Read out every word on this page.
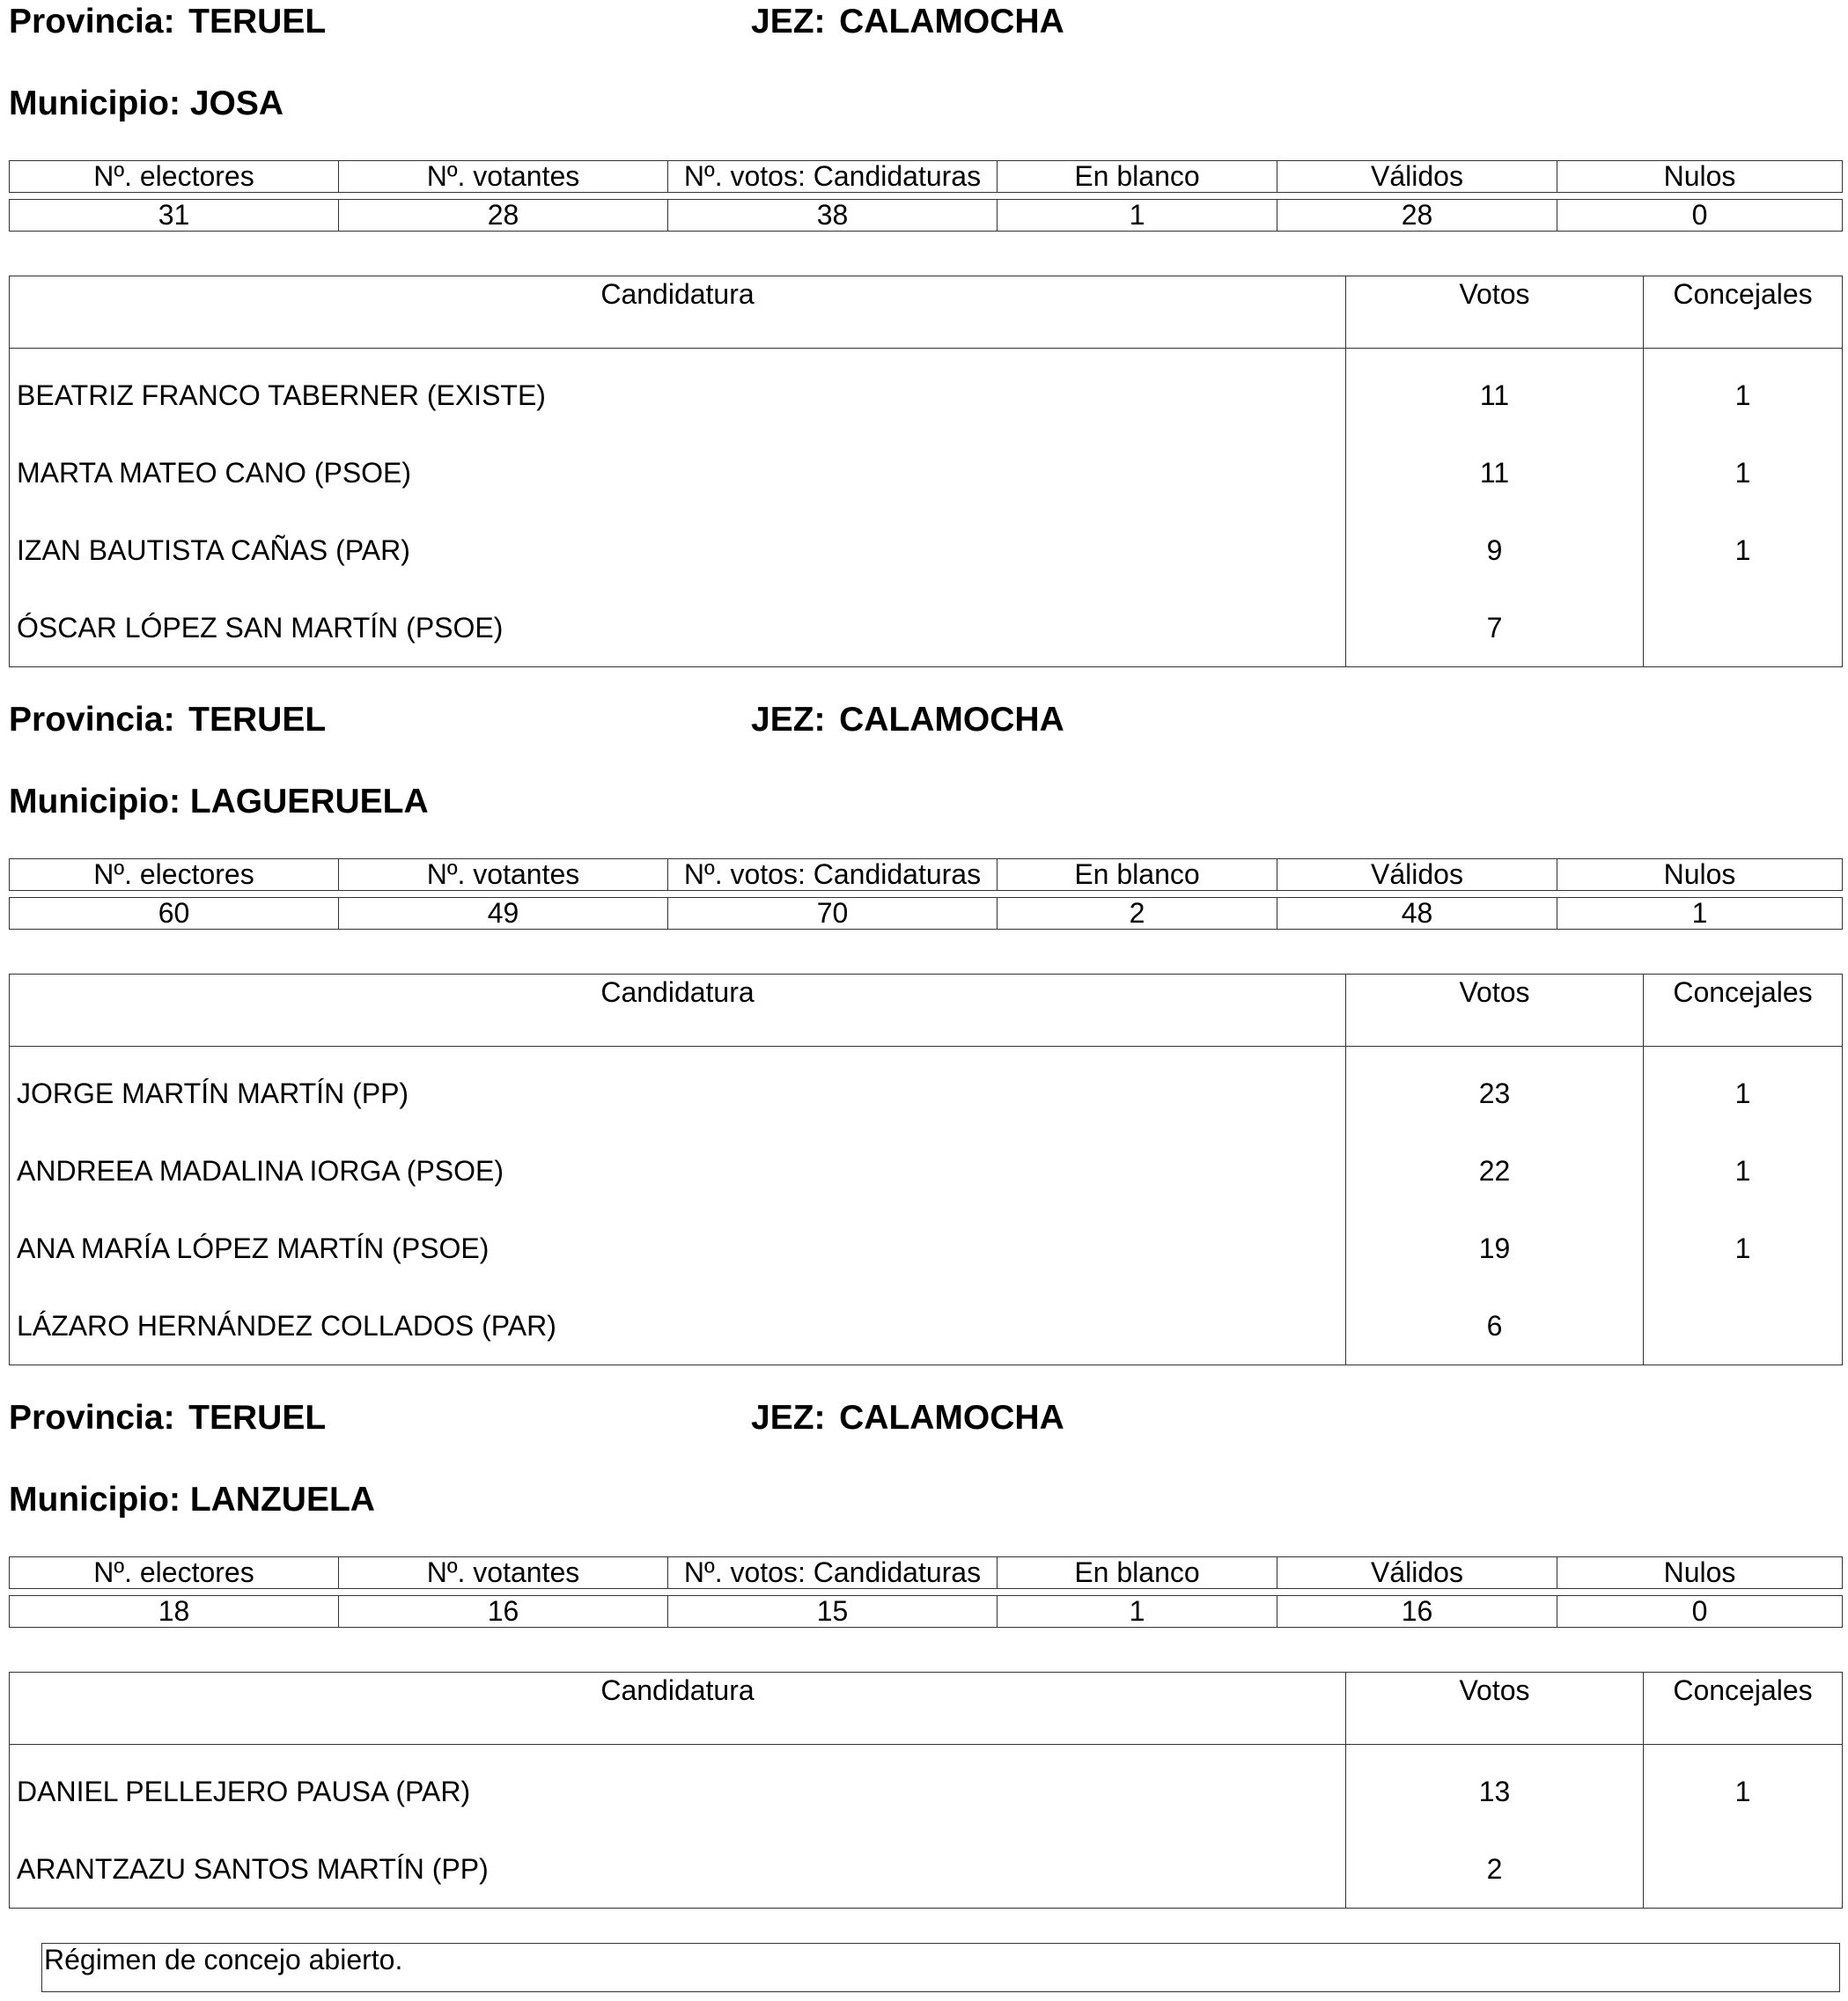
Provincia: TERUEL	JEZ: CALAMOCHA
Municipio: JOSA
Nº. electores	Nº. votantes	Nº. votos: Candidaturas	En blanco	Válidos	Nulos
31	28	38	1	28	0
Candidatura	Votos	Concejales
BEATRIZ FRANCO TABERNER (EXISTE)	11	1
MARTA MATEO CANO (PSOE)	11	1
IZAN BAUTISTA CAÑAS (PAR)	9	1
ÓSCAR LÓPEZ SAN MARTÍN (PSOE)	7	
Provincia: TERUEL	JEZ: CALAMOCHA
Municipio: LAGUERUELA
Nº. electores	Nº. votantes	Nº. votos: Candidaturas	En blanco	Válidos	Nulos
60	49	70	2	48	1
Candidatura	Votos	Concejales
JORGE MARTÍN MARTÍN (PP)	23	1
ANDREEA MADALINA IORGA (PSOE)	22	1
ANA MARÍA LÓPEZ MARTÍN (PSOE)	19	1
LÁZARO HERNÁNDEZ COLLADOS (PAR)	6	
Provincia: TERUEL	JEZ: CALAMOCHA
Municipio: LANZUELA
Nº. electores	Nº. votantes	Nº. votos: Candidaturas	En blanco	Válidos	Nulos
18	16	15	1	16	0
Candidatura	Votos	Concejales
DANIEL PELLEJERO PAUSA (PAR)	13	1
ARANTZAZU SANTOS MARTÍN (PP)	2	
Régimen de concejo abierto.
